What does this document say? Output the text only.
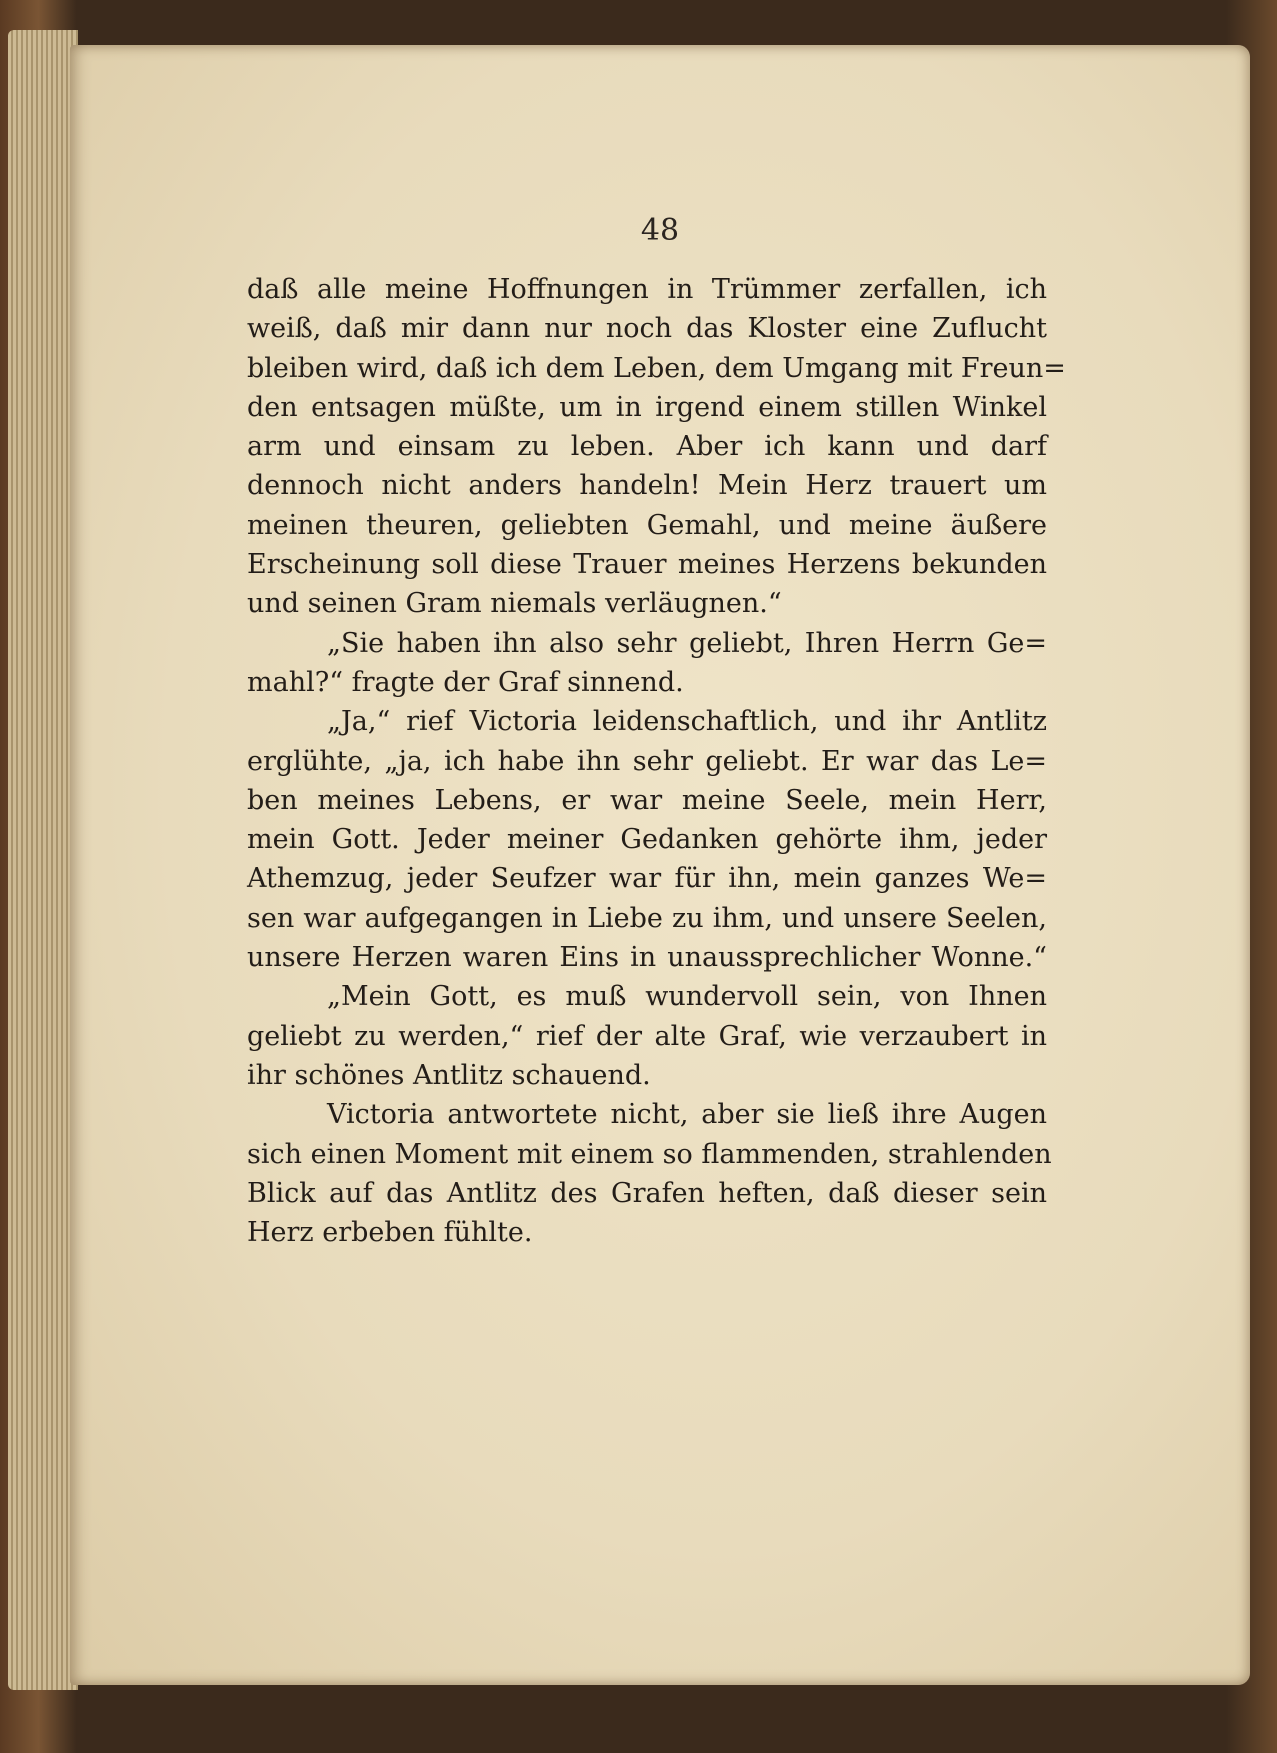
48
daß alle meine Hoffnungen in Trümmer zerfallen, ich
weiß, daß mir dann nur noch das Kloster eine Zuflucht
bleiben wird, daß ich dem Leben, dem Umgang mit Freun=
den entsagen müßte, um in irgend einem stillen Winkel
arm und einsam zu leben. Aber ich kann und darf
dennoch nicht anders handeln! Mein Herz trauert um
meinen theuren, geliebten Gemahl, und meine äußere
Erscheinung soll diese Trauer meines Herzens bekunden
und seinen Gram niemals verläugnen.“
„Sie haben ihn also sehr geliebt, Ihren Herrn Ge=
mahl?“ fragte der Graf sinnend.
„Ja,“ rief Victoria leidenschaftlich, und ihr Antlitz
erglühte, „ja, ich habe ihn sehr geliebt. Er war das Le=
ben meines Lebens, er war meine Seele, mein Herr,
mein Gott. Jeder meiner Gedanken gehörte ihm, jeder
Athemzug, jeder Seufzer war für ihn, mein ganzes We=
sen war aufgegangen in Liebe zu ihm, und unsere Seelen,
unsere Herzen waren Eins in unaussprechlicher Wonne.“
„Mein Gott, es muß wundervoll sein, von Ihnen
geliebt zu werden,“ rief der alte Graf, wie verzaubert in
ihr schönes Antlitz schauend.
Victoria antwortete nicht, aber sie ließ ihre Augen
sich einen Moment mit einem so flammenden, strahlenden
Blick auf das Antlitz des Grafen heften, daß dieser sein
Herz erbeben fühlte.
